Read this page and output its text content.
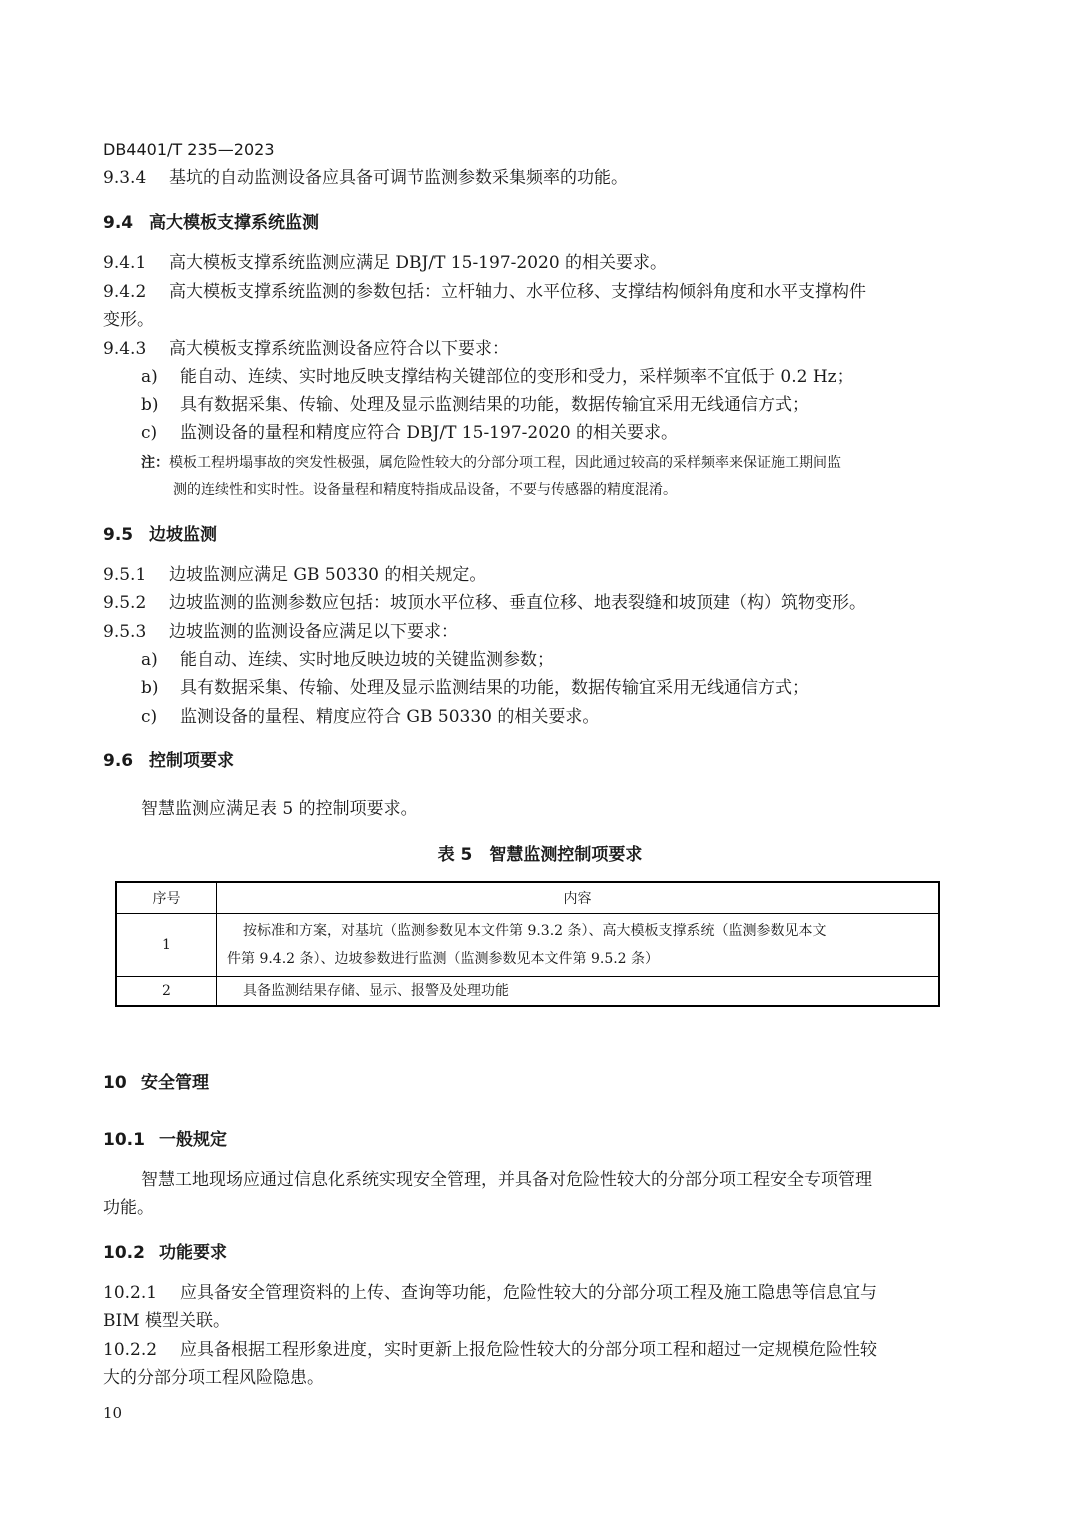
DB4401/T 235—2023
9.3.4 基坑的自动监测设备应具备可调节监测参数采集频率的功能。
9.4 高大模板支撑系统监测
9.4.1 高大模板支撑系统监测应满足 DBJ/T 15-197-2020 的相关要求。
9.4.2 高大模板支撑系统监测的参数包括：立杆轴力、水平位移、支撑结构倾斜角度和水平支撑构件
变形。
9.4.3 高大模板支撑系统监测设备应符合以下要求：
a) 能自动、连续、实时地反映支撑结构关键部位的变形和受力，采样频率不宜低于 0.2 Hz；
b) 具有数据采集、传输、处理及显示监测结果的功能，数据传输宜采用无线通信方式；
c) 监测设备的量程和精度应符合 DBJ/T 15-197-2020 的相关要求。
注：模板工程坍塌事故的突发性极强，属危险性较大的分部分项工程，因此通过较高的采样频率来保证施工期间监
测的连续性和实时性。设备量程和精度特指成品设备，不要与传感器的精度混淆。
9.5 边坡监测
9.5.1 边坡监测应满足 GB 50330 的相关规定。
9.5.2 边坡监测的监测参数应包括：坡顶水平位移、垂直位移、地表裂缝和坡顶建（构）筑物变形。
9.5.3 边坡监测的监测设备应满足以下要求：
a) 能自动、连续、实时地反映边坡的关键监测参数；
b) 具有数据采集、传输、处理及显示监测结果的功能，数据传输宜采用无线通信方式；
c) 监测设备的量程、精度应符合 GB 50330 的相关要求。
9.6 控制项要求
智慧监测应满足表 5 的控制项要求。
表 5　智慧监测控制项要求
序号	内容
1	按标准和方案，对基坑（监测参数见本文件第 9.3.2 条）、高大模板支撑系统（监测参数见本文
件第 9.4.2 条）、边坡参数进行监测（监测参数见本文件第 9.5.2 条）

2	具备监测结果存储、显示、报警及处理功能
10 安全管理
10.1 一般规定
智慧工地现场应通过信息化系统实现安全管理，并具备对危险性较大的分部分项工程安全专项管理
功能。
10.2 功能要求
10.2.1 应具备安全管理资料的上传、查询等功能，危险性较大的分部分项工程及施工隐患等信息宜与
BIM 模型关联。
10.2.2 应具备根据工程形象进度，实时更新上报危险性较大的分部分项工程和超过一定规模危险性较
大的分部分项工程风险隐患。
10
